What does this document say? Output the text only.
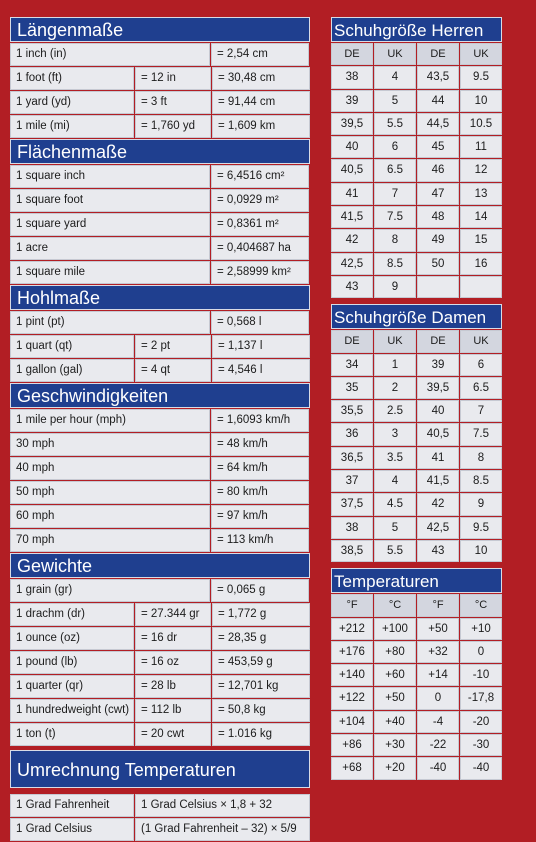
Längenmaße
1 inch (in)	= 2,54 cm
1 foot (ft)	= 12 in	= 30,48 cm
1 yard (yd)	= 3 ft	= 91,44 cm
1 mile (mi)	= 1,760 yd	= 1,609 km
Flächenmaße
1 square inch	= 6,4516 cm²
1 square foot	= 0,0929 m²
1 square yard	= 0,8361 m²
1 acre	= 0,404687 ha
1 square mile	= 2,58999 km²
Hohlmaße
1 pint (pt)	= 0,568 l
1 quart (qt)	= 2 pt	= 1,137 l
1 gallon (gal)	= 4 qt	= 4,546 l
Geschwindigkeiten
1 mile per hour (mph)	= 1,6093 km/h
30 mph	= 48 km/h
40 mph	= 64 km/h
50 mph	= 80 km/h
60 mph	= 97 km/h
70 mph	= 113 km/h
Gewichte
1 grain (gr)	= 0,065 g
1 drachm (dr)	= 27.344 gr	= 1,772 g
1 ounce (oz)	= 16 dr	= 28,35 g
1 pound (lb)	= 16 oz	= 453,59 g
1 quarter (qr)	= 28 lb	= 12,701 kg
1 hundredweight (cwt)	= 112 lb	= 50,8 kg
1 ton (t)	= 20 cwt	= 1.016 kg
Umrechnung Temperaturen
1 Grad Fahrenheit	1 Grad Celsius × 1,8 + 32
1 Grad Celsius	(1 Grad Fahrenheit – 32) × 5/9
Schuhgröße Herren
DE	UK	DE	UK
38	4	43,5	9.5
39	5	44	10
39,5	5.5	44,5	10.5
40	6	45	11
40,5	6.5	46	12
41	7	47	13
41,5	7.5	48	14
42	8	49	15
42,5	8.5	50	16
43	9
Schuhgröße Damen
DE	UK	DE	UK
34	1	39	6
35	2	39,5	6.5
35,5	2.5	40	7
36	3	40,5	7.5
36,5	3.5	41	8
37	4	41,5	8.5
37,5	4.5	42	9
38	5	42,5	9.5
38,5	5.5	43	10
Temperaturen
°F	°C	°F	°C
+212	+100	+50	+10
+176	+80	+32	0
+140	+60	+14	-10
+122	+50	0	-17,8
+104	+40	-4	-20
+86	+30	-22	-30
+68	+20	-40	-40
